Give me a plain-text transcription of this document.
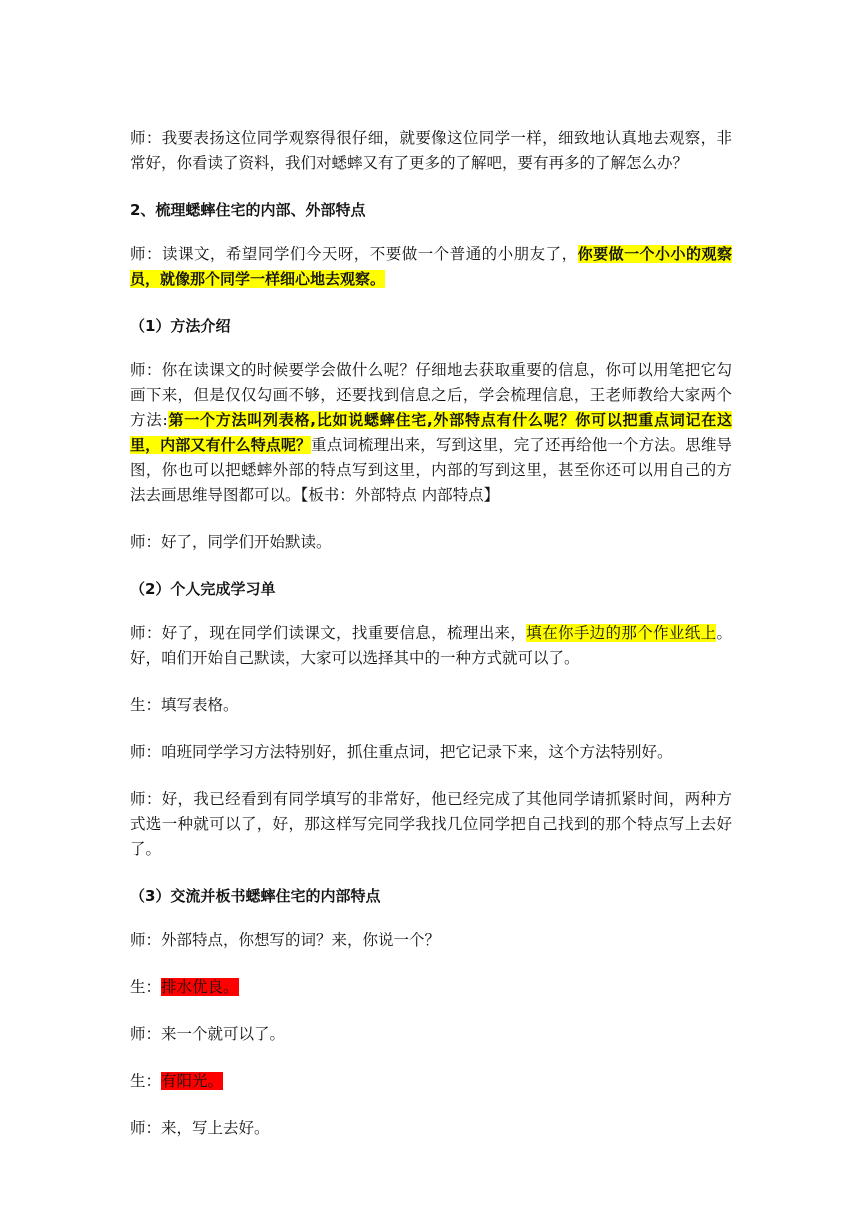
师：我要表扬这位同学观察得很仔细，就要像这位同学一样，细致地认真地去观察，非常好，你看读了资料，我们对蟋蟀又有了更多的了解吧，要有再多的了解怎么办？

2、梳理蟋蟀住宅的内部、外部特点

师：读课文，希望同学们今天呀，不要做一个普通的小朋友了，你要做一个小小的观察员，就像那个同学一样细心地去观察。

（1）方法介绍

师：你在读课文的时候要学会做什么呢？仔细地去获取重要的信息，你可以用笔把它勾画下来，但是仅仅勾画不够，还要找到信息之后，学会梳理信息，王老师教给大家两个方法:第一个方法叫列表格,比如说蟋蟀住宅,外部特点有什么呢？你可以把重点词记在这里，内部又有什么特点呢？重点词梳理出来，写到这里，完了还再给他一个方法。思维导图，你也可以把蟋蟀外部的特点写到这里，内部的写到这里，甚至你还可以用自己的方法去画思维导图都可以。【板书：外部特点 内部特点】

师：好了，同学们开始默读。

（2）个人完成学习单

师：好了，现在同学们读课文，找重要信息，梳理出来，填在你手边的那个作业纸上。好，咱们开始自己默读，大家可以选择其中的一种方式就可以了。

生：填写表格。

师：咱班同学学习方法特别好，抓住重点词，把它记录下来，这个方法特别好。

师：好，我已经看到有同学填写的非常好，他已经完成了其他同学请抓紧时间，两种方式选一种就可以了，好，那这样写完同学我找几位同学把自己找到的那个特点写上去好了。

（3）交流并板书蟋蟀住宅的内部特点

师：外部特点，你想写的词？来，你说一个？

生：排水优良。

师：来一个就可以了。

生：有阳光。

师：来，写上去好。
